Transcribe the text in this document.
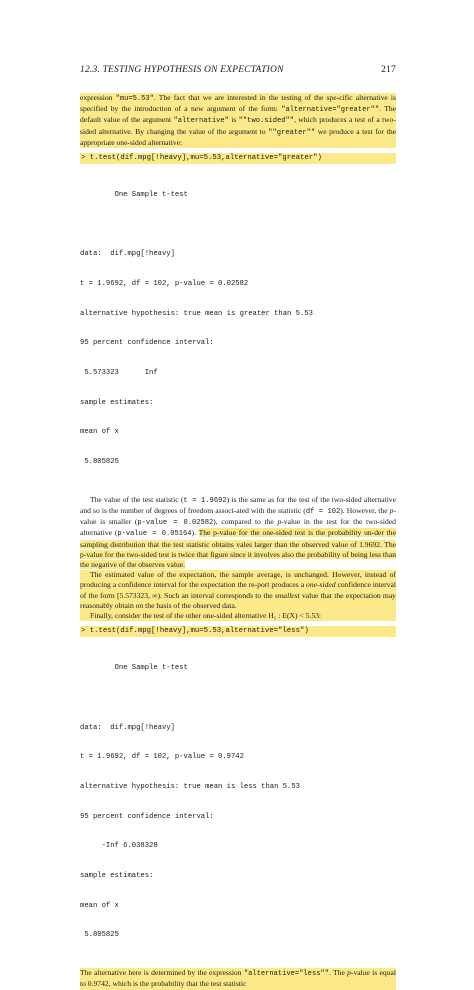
12.3. TESTING HYPOTHESIS ON EXPECTATION	217

expression "mu=5.53". The fact that we are interested in the testing of the spe-cific alternative is specified by the introduction of a new argument of the form: "alternative="greater"". The default value of the argument "alternative" is ""two.sided"", which produces a test of a two-sided alternative. By changing the value of the argument to ""greater"" we produce a test for the appropriate one-sided alternative:

> t.test(dif.mpg[!heavy],mu=5.53,alternative="greater")

One Sample t-test

data:  dif.mpg[!heavy]

t = 1.9692, df = 102, p-value = 0.02582

alternative hypothesis: true mean is greater than 5.53

95 percent confidence interval:

5.573323      Inf

sample estimates:

mean of x

5.805825

The value of the test statistic (t = 1.9692) is the same as for the test of the two-sided alternative and so is the number of degrees of freedom associ-ated with the statistic (df = 102). However, the p-value is smaller (p-value = 0.02582), compared to the p-value in the test for the two-sided alternative (p-value = 0.05164). The p-value for the one-sided test is the probability un-der the sampling distribution that the test statistic obtains vales larger than the observed value of 1.9692. The p-value for the two-sided test is twice that figure since it involves also the probability of being less than the negative of the observes value.

The estimated value of the expectation, the sample average, is unchanged. However, instead of producing a confidence interval for the expectation the re-port produces a one-sided confidence interval of the form [5.573323, ∞). Such an interval corresponds to the smallest value that the expectation may reasonably obtain on the basis of the observed data.

Finally, consider the test of the other one-sided alternative H₁ : E(X) < 5.53:

> t.test(dif.mpg[!heavy],mu=5.53,alternative="less")

One Sample t-test

data:  dif.mpg[!heavy]

t = 1.9692, df = 102, p-value = 0.9742

alternative hypothesis: true mean is less than 5.53

95 percent confidence interval:

-Inf 6.038328

sample estimates:

mean of x

5.805825

The alternative here is determined by the expression "alternative="less"". The p-value is equal to 0.9742, which is the probability that the test statistic
